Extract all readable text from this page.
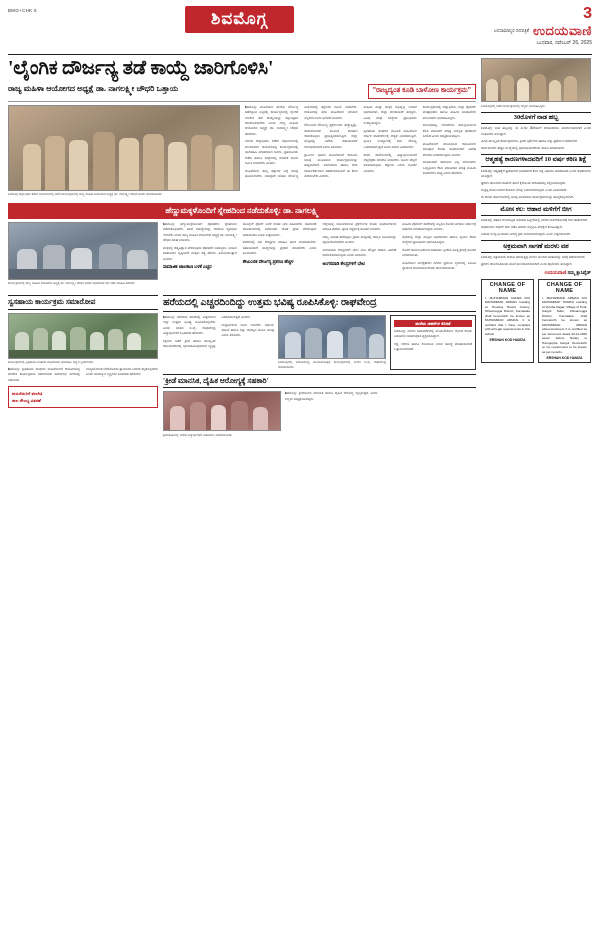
BMG+CHK 5	ಶಿವಮೊಗ್ಗ	3
ಜನಸಾಮಾನ್ಯರ ದಿನಪತ್ರಿಕೆ ಉದಯವಾಣಿ
ಬುಧವಾರ, ನವೆಂಬರ್ 26, 2025
'ಲೈಂಗಿಕ ದೌರ್ಜನ್ಯ ತಡೆ ಕಾಯ್ದೆ ಜಾರಿಗೊಳಿಸಿ'
ರಾಜ್ಯ ಮಹಿಳಾ ಆಯೋಗದ ಅಧ್ಯಕ್ಷೆ ಡಾ. ನಾಗಲಕ್ಷ್ಮೀ ಚೌಧರಿ ಒತ್ತಾಯ	"ರಾಜ್ಯದ್ಯಂತ ಕೂಡಿ ಬಾಳೋಣ ಕಾರ್ಯಕ್ರಮ"
ಶಿವಮೊಗ್ಗ ಜಿಲ್ಲಾಧಿಕಾರಿ ಕಚೇರಿ ಸಭಾಂಗಣದಲ್ಲಿ ನಡೆದ ಕಾರ್ಯಕ್ರಮದಲ್ಲಿ ರಾಜ್ಯ ಮಹಿಳಾ ಆಯೋಗದ ಅಧ್ಯಕ್ಷೆ ಡಾ. ನಾಗಲಕ್ಷ್ಮೀ ಚೌಧರಿ ಅವರು ಮಾತನಾಡಿದರು.

ಶಿವಮೊಗ್ಗ: ಮಹಿಳೆಯರ ಮೇಲಿನ ದೌರ್ಜನ್ಯ ತಡೆಗಟ್ಟುವ ನಿಟ್ಟಿನಲ್ಲಿ ಕಾರ್ಯಸ್ಥಳದಲ್ಲಿ ಲೈಂಗಿಕ ಕಿರುಕುಳ ತಡೆ ಕಾಯ್ದೆಯನ್ನು ಕಟ್ಟುನಿಟ್ಟಾಗಿ ಜಾರಿಗೊಳಿಸಬೇಕು ಎಂದು ರಾಜ್ಯ ಮಹಿಳಾ ಆಯೋಗದ ಅಧ್ಯಕ್ಷೆ ಡಾ. ನಾಗಲಕ್ಷ್ಮೀ ಚೌಧರಿ ಹೇಳಿದರು.

ನಗರದ ಜಿಲ್ಲಾಧಿಕಾರಿ ಕಚೇರಿ ಸಭಾಂಗಣದಲ್ಲಿ ಮಂಗಳವಾರ ಆಯೋಜಿಸಿದ್ದ ಕಾರ್ಯಕ್ರಮದಲ್ಲಿ ಭಾಗವಹಿಸಿ ಮಾತನಾಡಿದ ಅವರು, ಪ್ರತಿಯೊಂದು ಕಚೇರಿ ಹಾಗೂ ಸಂಸ್ಥೆಗಳಲ್ಲಿ ಆಂತರಿಕ ದೂರು ಸಮಿತಿ ರಚಿಸಬೇಕು ಎಂದರು.

ಮಹಿಳೆಯರು ತಮ್ಮ ಹಕ್ಕುಗಳ ಬಗ್ಗೆ ಅರಿವು ಹೊಂದಿರಬೇಕು. ಯಾವುದೇ ರೀತಿಯ ದೌರ್ಜನ್ಯ ಎದುರಾದಲ್ಲಿ ತಕ್ಷಣವೇ ದೂರು ನೀಡಬೇಕು. ಆಯೋಗವು ಸದಾ ಮಹಿಳೆಯರ ಪರವಾಗಿ ನಿಲ್ಲಲಿದೆ ಎಂದು ಭರವಸೆ ನೀಡಿದರು.

ಕೌಟುಂಬಿಕ ದೌರ್ಜನ್ಯ ಪ್ರಕರಣಗಳು ಹೆಚ್ಚುತ್ತಿದ್ದು, ಸಮಾಲೋಚನೆ ಮೂಲಕ ಪರಿಹಾರ ಕಂಡುಕೊಳ್ಳಲು ಪ್ರಯತ್ನಿಸಲಾಗುತ್ತಿದೆ. ಜಿಲ್ಲಾ ಮಟ್ಟದಲ್ಲಿ ವಿಶೇಷ ಸಹಾಯವಾಣಿ ಆರಂಭಿಸಲಾಗಿದೆ ಎಂದು ತಿಳಿಸಿದರು.

ಗ್ರಾಮೀಣ ಭಾಗದ ಮಹಿಳೆಯರಿಗೆ ಕಾನೂನು ಅರಿವು ಮೂಡಿಸುವ ಕಾರ್ಯಕ್ರಮಗಳನ್ನು ಹೆಚ್ಚಿಸಬೇಕಿದೆ. ಅಂಗನವಾಡಿ ಹಾಗೂ ಆಶಾ ಕಾರ್ಯಕರ್ತೆಯರ ಸಹಕಾರದೊಂದಿಗೆ ಈ ಕೆಲಸ ನಡೆಯಬೇಕು ಎಂದರು.

ಮಹಿಳಾ ಮತ್ತು ಮಕ್ಕಳ ಅಭಿವೃದ್ಧಿ ಇಲಾಖೆ ಅಧಿಕಾರಿಗಳು, ಜಿಲ್ಲಾ ಪಂಚಾಯತ್ ಸದಸ್ಯರು, ವಿವಿಧ ಸಂಘ ಸಂಸ್ಥೆಗಳ ಪ್ರತಿನಿಧಿಗಳು ಉಪಸ್ಥಿತರಿದ್ದರು.

ಸ್ವಸಹಾಯ ಸಂಘಗಳ ಮೂಲಕ ಮಹಿಳೆಯರ ಆರ್ಥಿಕ ಸಬಲೀಕರಣಕ್ಕೆ ಆದ್ಯತೆ ನೀಡಲಾಗುತ್ತಿದೆ. ಸ್ವಯಂ ಉದ್ಯೋಗಕ್ಕೆ ಸಾಲ ಸೌಲಭ್ಯ ಒದಗಿಸಲಾಗುತ್ತಿದೆ ಎಂದು ಅವರು ವಿವರಿಸಿದರು.

ಶಾಲಾ ಕಾಲೇಜುಗಳಲ್ಲಿ ವಿದ್ಯಾರ್ಥಿನಿಯರಿಗೆ ಆತ್ಮರಕ್ಷಣಾ ತರಬೇತಿ ನೀಡಬೇಕು. ದೂರು ಪೆಟ್ಟಿಗೆ ಅಳವಡಿಸುವುದು ಕಡ್ಡಾಯ ಎಂದು ಸೂಚನೆ ನೀಡಿದರು.

ಕಾರ್ಯಕ್ರಮದಲ್ಲಿ ಜಿಲ್ಲಾಧಿಕಾರಿ, ಜಿಲ್ಲಾ ಪೊಲೀಸ್ ವರಿಷ್ಠಾಧಿಕಾರಿ ಹಾಗೂ ಮಹಿಳಾ ಸಂಘಟನೆಗಳ ಮುಖಂಡರು ಭಾಗವಹಿಸಿದ್ದರು.

ಸಂಬಂಧಪಟ್ಟ ಇಲಾಖೆಗಳು ಸಮನ್ವಯದಿಂದ ಕೆಲಸ ಮಾಡಿದರೆ ಮಾತ್ರ ನಿರೀಕ್ಷಿತ ಫಲಿತಾಂಶ ಸಿಗಲಿದೆ ಎಂದು ಅಭಿಪ್ರಾಯಪಟ್ಟರು.

ಮಹಿಳೆಯರಿಗೆ ಸಂಬಂಧಿಸಿದ ಕಾನೂನುಗಳ ಅನುಷ್ಠಾನ ಕುರಿತು ಅಧಿಕಾರಿಗಳಿಗೆ ವಿಶೇಷ ತರಬೇತಿ ನೀಡಲಾಗುವುದು ಎಂದರು.

ಅಂತಿಮವಾಗಿ ಸಮಾಜದ ಎಲ್ಲ ವರ್ಗದವರು ಒಗ್ಗಟ್ಟಿನಿಂದ ಕೆಲಸ ಮಾಡಿದಾಗ ಮಾತ್ರ ಮಹಿಳಾ ಸಬಲೀಕರಣ ಸಾಧ್ಯ ಎಂದು ಹೇಳಿದರು.

ಹೆಣ್ಣುಮಕ್ಕಳೊಂದಿಗೆ ಸ್ನೇಹದಿಂದ ನಡೆದುಕೊಳ್ಳಿ: ಡಾ. ನಾಗಲಕ್ಷ್ಮಿ
ಕಾರ್ಯಕ್ರಮದಲ್ಲಿ ರಾಜ್ಯ ಮಹಿಳಾ ಆಯೋಗದ ಅಧ್ಯಕ್ಷೆ ಡಾ. ನಾಗಲಕ್ಷ್ಮೀ ಚೌಧರಿ ಅವರು ಅಧಿಕಾರಿಗಳ ಸಭೆ ನಡೆಸಿ ಮಾಹಿತಿ ಪಡೆದರು.

ಶಿವಮೊಗ್ಗ: ಹೆಣ್ಣುಮಕ್ಕಳೊಂದಿಗೆ ಪೋಷಕರು ಸ್ನೇಹದಿಂದ ನಡೆದುಕೊಳ್ಳಬೇಕು. ಅವರ ಸಮಸ್ಯೆಗಳನ್ನು ಆಲಿಸುವ ವ್ಯವಧಾನ ಇರಬೇಕು ಎಂದು ರಾಜ್ಯ ಮಹಿಳಾ ಆಯೋಗದ ಅಧ್ಯಕ್ಷೆ ಡಾ. ನಾಗಲಕ್ಷ್ಮೀ ಚೌಧರಿ ಸಲಹೆ ನೀಡಿದರು.

ಮಕ್ಕಳಲ್ಲಿ ಆತ್ಮವಿಶ್ವಾಸ ಬೆಳೆಸುವುದು ಪೋಷಕರ ಜವಾಬ್ದಾರಿ. ಭಯದ ವಾತಾವರಣ ಸೃಷ್ಟಿಸಿದರೆ ಮಕ್ಕಳು ಸತ್ಯ ಹೇಳಲು ಹಿಂಜರಿಯುತ್ತಾರೆ ಎಂದರು.

ಸಾಮಾಜಿಕ ಜಾಲತಾಣ ಬಳಕೆ ಎಚ್ಚರ

ಮೊಬೈಲ್ ಫೋನ್ ಬಳಕೆ ಕುರಿತು ನಿಗಾ ವಹಿಸಬೇಕು. ಸಾಮಾಜಿಕ ಜಾಲತಾಣಗಳಲ್ಲಿ ಅಪರಿಚಿತರ ಜೊತೆ ಸ್ನೇಹ ಬೆಳೆಸುವುದು ಅಪಾಯಕಾರಿ ಎಂದು ಎಚ್ಚರಿಸಿದರು.

ಶಾಲೆಗಳಲ್ಲಿ ಸಖಿ ಕೇಂದ್ರಗಳ ಮಾಹಿತಿ ಫಲಕ ಅಳವಡಿಸಬೇಕು. ಸಹಾಯವಾಣಿ ಸಂಖ್ಯೆಗಳನ್ನು ಪ್ರಚಾರ ಮಾಡಬೇಕು ಎಂದು ಸೂಚಿಸಿದರು.

ಕೌಟುಂಬಿಕ ದೌರ್ಜನ್ಯ ಪ್ರಕರಣ ಹೆಚ್ಚಳ

ಜಿಲ್ಲೆಯಲ್ಲಿ ದಾಖಲಾಗಿರುವ ಪ್ರಕರಣಗಳ ಕುರಿತು ಅಧಿಕಾರಿಗಳಿಂದ ಮಾಹಿತಿ ಪಡೆದು, ತ್ವರಿತ ಇತ್ಯರ್ಥಕ್ಕೆ ಸೂಚನೆ ನೀಡಿದರು.

ಬಾಲ್ಯ ವಿವಾಹ ತಡೆಗಟ್ಟಲು ಗ್ರಾಮ ಮಟ್ಟದಲ್ಲಿ ಜಾಗೃತಿ ಸಮಿತಿಗಳನ್ನು ಸಕ್ರಿಯಗೊಳಿಸಬೇಕು ಎಂದರು.

ಅಂಗನವಾಡಿ ಕೇಂದ್ರಗಳಿಗೆ ಭೇಟಿ ನೀಡಿ ಪೌಷ್ಟಿಕ ಆಹಾರ ವಿತರಣೆ ಪರಿಶೀಲಿಸಲಾಗುವುದು ಎಂದು ತಿಳಿಸಿದರು.

ಅಂಗನವಾಡಿ ಕೇಂದ್ರಗಳಿಗೆ ಭೇಟಿ

ಮಹಿಳಾ ಪೊಲೀಸ್ ಠಾಣೆಗಳಲ್ಲಿ ಸಿಬ್ಬಂದಿ ಕೊರತೆ ನೀಗಿಸಲು ಸರ್ಕಾರಕ್ಕೆ ಶಿಫಾರಸು ಮಾಡಲಾಗುವುದು ಎಂದರು.

ಸಭೆಯಲ್ಲಿ ಜಿಲ್ಲಾ ಮಟ್ಟದ ಅಧಿಕಾರಿಗಳು ಹಾಗೂ ಸ್ವಯಂ ಸೇವಾ ಸಂಸ್ಥೆಗಳ ಪ್ರತಿನಿಧಿಗಳು ಭಾಗವಹಿಸಿದ್ದರು.

ಕೊನೆಗೆ ಸಾರ್ವಜನಿಕರಿಂದ ಅಹವಾಲು ಸ್ವೀಕರಿಸಿ ಸೂಕ್ತ ಕ್ರಮಕ್ಕೆ ಸೂಚನೆ ನೀಡಲಾಯಿತು.

ಮಹಿಳೆಯರ ಸುರಕ್ಷತೆಗಾಗಿ ನಗರದ ಪ್ರಮುಖ ಸ್ಥಳಗಳಲ್ಲಿ ಸಿಸಿಟಿವಿ ಕ್ಯಾಮೆರಾ ಅಳವಡಿಸುವ ಕುರಿತು ಚರ್ಚಿಸಲಾಯಿತು.

ಸ್ವಸಹಾಯ ಕಾರ್ಯಕ್ರಮ ಸಮಾರೋಪ
ಕಾರ್ಯಕ್ರಮದಲ್ಲಿ ಸ್ವಸಹಾಯ ಸಂಘಗಳ ಮಹಿಳೆಯರು ಭಾಗವಹಿಸಿ ಸನ್ಮಾನ ಸ್ವೀಕರಿಸಿದರು.

ಶಿವಮೊಗ್ಗ: ಸ್ವಸಹಾಯ ಸಂಘಗಳ ಮಹಿಳೆಯರಿಗೆ ಆಯೋಜಿಸಿದ್ದ ತರಬೇತಿ ಕಾರ್ಯಕ್ರಮದ ಸಮಾರೋಪ ಸಮಾರಂಭ ನಗರದಲ್ಲಿ ನಡೆಯಿತು.

ಉದ್ಯಮಶೀಲತೆ ಬೆಳೆಸಿಕೊಂಡು ಸ್ವಾವಲಂಬಿ ಬದುಕು ಕಟ್ಟಿಕೊಳ್ಳಬೇಕು ಎಂದು ಸಂಪನ್ಮೂಲ ವ್ಯಕ್ತಿಗಳು ಕಿವಿಮಾತು ಹೇಳಿದರು.

ಮಹಿಳೆಯರಿಗೆ ತರಬೇತಿ
ಸಾಲ ಸೌಲಭ್ಯ ವಿತರಣೆ
ಹರೆಯದಲ್ಲಿ ಎಚ್ಚರದಿಂದಿದ್ದು ಉತ್ತಮ ಭವಿಷ್ಯ ರೂಪಿಸಿಕೊಳ್ಳಿ: ರಾಘವೇಂದ್ರ

ಶಿವಮೊಗ್ಗ: ಹರೆಯದ ಹಂತದಲ್ಲಿ ಎಚ್ಚರದಿಂದ ಇದ್ದು ಉತ್ತಮ ಭವಿಷ್ಯ ರೂಪಿಸಿಕೊಳ್ಳಬೇಕು ಎಂದು ಸಂಸದ ಬಿ.ವೈ. ರಾಘವೇಂದ್ರ ವಿದ್ಯಾರ್ಥಿಗಳಿಗೆ ಕಿವಿಮಾತು ಹೇಳಿದರು.

ಶಿಕ್ಷಣದ ಜತೆಗೆ ಕ್ರೀಡೆ ಹಾಗೂ ಸಾಂಸ್ಕೃತಿಕ ಚಟುವಟಿಕೆಗಳಲ್ಲಿ ಭಾಗವಹಿಸುವುದರಿಂದ ವ್ಯಕ್ತಿತ್ವ ವಿಕಸನವಾಗುತ್ತದೆ ಎಂದರು.

ದುಶ್ಚಟಗಳಿಂದ ದೂರ ಇರಬೇಕು. ಸಮಯ ಪಾಲನೆ ಹಾಗೂ ಶಿಸ್ತು ಯಶಸ್ಸಿನ ಮೂಲ ಮಂತ್ರ ಎಂದು ತಿಳಿಸಿದರು.

ಶಿವಮೊಗ್ಗದಲ್ಲಿ ಆಯೋಜಿಸಿದ್ದ ಯುವಜನೋತ್ಸವ ಕಾರ್ಯಕ್ರಮದಲ್ಲಿ ಸಂಸದ ಬಿ.ವೈ. ರಾಘವೇಂದ್ರ ಮಾತನಾಡಿದರು.
ಮನೆಯ ಚಹರೆಗಳ ಕೊರತೆ

ಶಿವಮೊಗ್ಗ: ನಗರದ ಬಡಾವಣೆಗಳಲ್ಲಿ ಮೂಲಸೌಕರ್ಯ ಕೊರತೆ ಕುರಿತು ನಿವಾಸಿಗಳು ಅಸಮಾಧಾನ ವ್ಯಕ್ತಪಡಿಸಿದ್ದಾರೆ.

ರಸ್ತೆ, ಚರಂಡಿ ಹಾಗೂ ಕುಡಿಯುವ ನೀರಿನ ಸಮಸ್ಯೆ ಪರಿಹರಿಸುವಂತೆ ಒತ್ತಾಯಿಸಲಾಗಿದೆ.

'ಕ್ರೀಡೆ ಮಾನಸಿಕ, ದೈಹಿಕ ಆರೋಗ್ಯಕ್ಕೆ ಸಹಕಾರಿ'
ಕ್ರೀಡಾಕೂಟದಲ್ಲಿ ವಿಜೇತ ವಿದ್ಯಾರ್ಥಿಗಳಿಗೆ ಬಹುಮಾನ ವಿತರಿಸಲಾಯಿತು.

ಶಿವಮೊಗ್ಗ: ಕ್ರೀಡೆಯಿಂದ ಮಾನಸಿಕ ಹಾಗೂ ದೈಹಿಕ ಆರೋಗ್ಯ ವೃದ್ಧಿಸುತ್ತದೆ ಎಂದು ಗಣ್ಯರು ಅಭಿಪ್ರಾಯಪಟ್ಟರು.

ಶಿವಮೊಗ್ಗದಲ್ಲಿ ನಡೆದ ಕಾರ್ಯಕ್ರಮದಲ್ಲಿ ಗಣ್ಯರು ಭಾಗವಹಿಸಿದ್ದರು.
30ರೊಳಗೆ ನಾಡ ಹಬ್ಬ

ಶಿವಮೊಗ್ಗ: ನಾಡ ಹಬ್ಬವನ್ನು ಈ ತಿಂಗಳ 30ರೊಳಗೆ ಆಯೋಜಿಸಲು ತೀರ್ಮಾನಿಸಲಾಗಿದೆ ಎಂದು ಸಂಘಟಕರು ತಿಳಿಸಿದ್ದಾರೆ.

ವಿವಿಧ ಸಾಂಸ್ಕೃತಿಕ ಕಾರ್ಯಕ್ರಮಗಳು, ಕ್ರೀಡಾ ಸ್ಪರ್ಧೆಗಳು ಹಾಗೂ ವಸ್ತು ಪ್ರದರ್ಶನ ನಡೆಯಲಿದೆ.

ಸಾರ್ವಜನಿಕರು ಹೆಚ್ಚಿನ ಸಂಖ್ಯೆಯಲ್ಲಿ ಭಾಗವಹಿಸಬೇಕೆಂದು ಮನವಿ ಮಾಡಲಾಗಿದೆ.

ಆತ್ಮಹತ್ಯೆ ಕಾರಣಗಳಾದವರಿಗೆ 10 ವರ್ಷ ಕಠಿಣ ಶಿಕ್ಷೆ

ಶಿವಮೊಗ್ಗ: ಆತ್ಮಹತ್ಯೆಗೆ ಪ್ರಚೋದನೆ ನೀಡಿದವರಿಗೆ ಕಠಿಣ ಶಿಕ್ಷೆ ವಿಧಿಸಲು ಅವಕಾಶವಿದೆ ಎಂದು ಅಧಿಕಾರಿಗಳು ತಿಳಿಸಿದ್ದಾರೆ.

ಪ್ರಕರಣ ದಾಖಲಾದ ಕೂಡಲೇ ತನಿಖೆ ಕೈಗೊಂಡು ಆರೋಪಪಟ್ಟಿ ಸಲ್ಲಿಸಲಾಗುವುದು.

ಸಂತ್ರಸ್ತ ಕುಟುಂಬಗಳಿಗೆ ಕಾನೂನು ನೆರವು ಒದಗಿಸಲಾಗುವುದು ಎಂದು ತಿಳಿಸಲಾಗಿದೆ.

ಈ ಕುರಿತು ಸಾರ್ವಜನಿಕರಲ್ಲಿ ಅರಿವು ಮೂಡಿಸುವ ಕಾರ್ಯಕ್ರಮಗಳನ್ನು ಹಮ್ಮಿಕೊಳ್ಳಲಾಗಿದೆ.

ಮೋಸ ಕಲ: ಆಹಾರ ಮಳಿಗೆಗೆ ಬೀಗ

ಶಿವಮೊಗ್ಗ: ಆಹಾರ ಗುಣಮಟ್ಟದ ಲೋಪದ ಹಿನ್ನೆಲೆಯಲ್ಲಿ ನಗರದ ಮಳಿಗೆಯೊಂದಕ್ಕೆ ಬೀಗ ಹಾಕಲಾಗಿದೆ.

ಅಧಿಕಾರಿಗಳು ದಿಢೀರ್ ದಾಳಿ ನಡೆಸಿ ಮಾದರಿ ಸಂಗ್ರಹಿಸಿ ಪರೀಕ್ಷೆಗೆ ಕಳುಹಿಸಿದ್ದಾರೆ.

ನಿಯಮ ಉಲ್ಲಂಘಿಸಿದವರ ವಿರುದ್ಧ ಕ್ರಮ ಜರುಗಿಸಲಾಗುವುದು ಎಂದು ಎಚ್ಚರಿಸಲಾಗಿದೆ.

ಅಕ್ರಮವಾಗಿ ಸಾಗಣೆ ಮರಳು ವಶ

ಶಿವಮೊಗ್ಗ: ಅಕ್ರಮವಾಗಿ ಸಾಗಾಟ ಮಾಡುತ್ತಿದ್ದ ಮರಳು ತುಂಬಿದ ವಾಹನವನ್ನು ವಶಕ್ಕೆ ಪಡೆಯಲಾಗಿದೆ.

ಪ್ರಕರಣ ದಾಖಲಿಸಿಕೊಂಡು ತನಿಖೆ ಮುಂದುವರಿಸಲಾಗಿದೆ ಎಂದು ಪೊಲೀಸರು ತಿಳಿಸಿದ್ದಾರೆ.

ಉದಯವಾಣಿ ನಮ್ಮ ಕ್ಲಾಸಿಫೈಡ್
CHANGE OF NAME

I, MUHAMMAD KAMZA D/O MAHAMMAD ARMAN residing at Housing Board Colony, Shivamogga District, Karnataka shall henceforth be known as MUHAMMAD ARMAN. It is certified that I have complied with all legal requirements in this behalf.

ERSHAN KOD HAMZA
CHANGE OF NAME

I, MAHAMMAD ARMAN S/O MAHAMMAD HANIFA residing at Vinoba Nagar, Village of Podi, Gargol Taluk, Shivamogga District, Karnataka shall henceforth be known as MAHAMMAD ARMAN aforementioned. It is certified as per document dated 20-11-2020 sworn before Notary in Harugoppa, Gargol. Henceforth at my requirement to be known as per records.

ERSHAN KOD HAMZA
